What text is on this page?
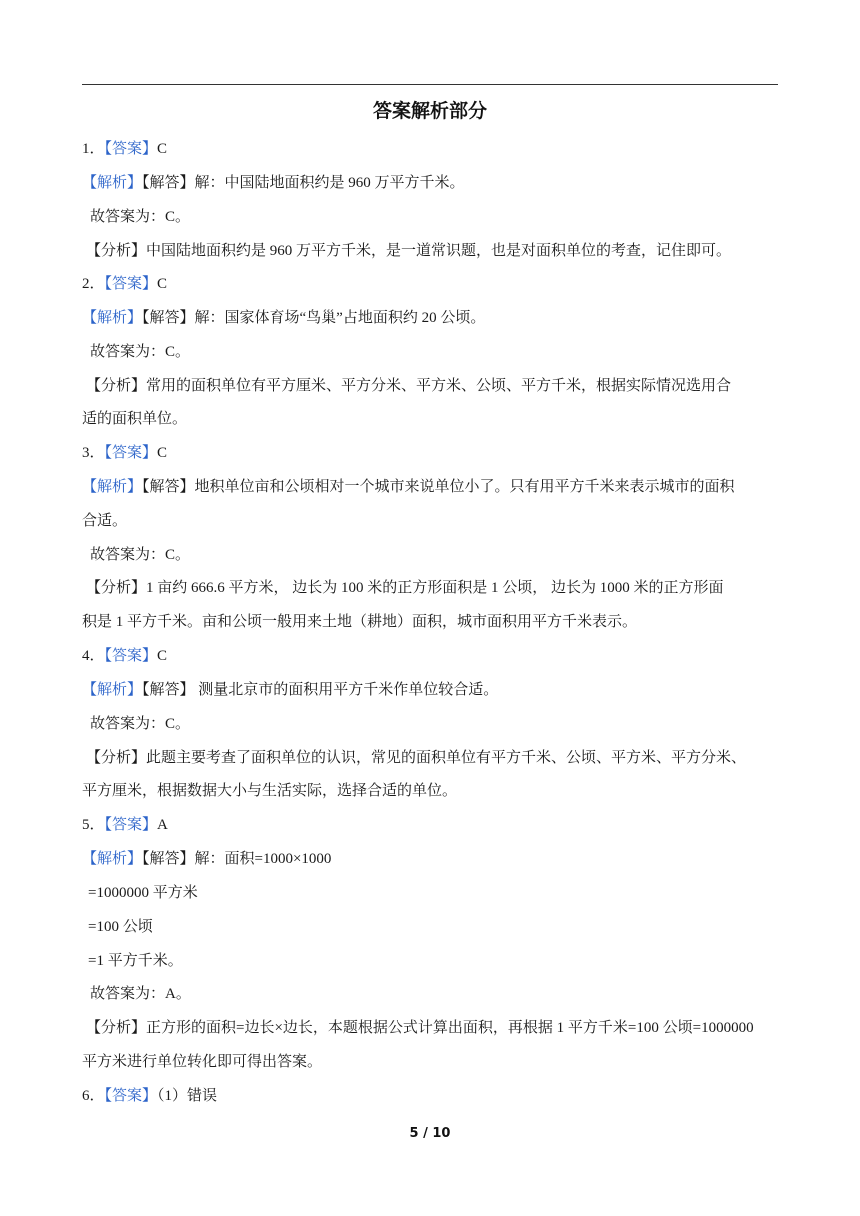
答案解析部分
1．【答案】C
【解析】【解答】解：中国陆地面积约是 960 万平方千米。
故答案为：C。
【分析】中国陆地面积约是 960 万平方千米，是一道常识题，也是对面积单位的考查，记住即可。
2．【答案】C
【解析】【解答】解：国家体育场“鸟巢”占地面积约 20 公顷。
故答案为：C。
【分析】常用的面积单位有平方厘米、平方分米、平方米、公顷、平方千米，根据实际情况选用合
适的面积单位。
3．【答案】C
【解析】【解答】地积单位亩和公顷相对一个城市来说单位小了。只有用平方千米来表示城市的面积
合适。
故答案为：C。
【分析】1 亩约 666.6 平方米， 边长为 100 米的正方形面积是 1 公顷， 边长为 1000 米的正方形面
积是 1 平方千米。亩和公顷一般用来土地（耕地）面积，城市面积用平方千米表示。
4．【答案】C
【解析】【解答】 测量北京市的面积用平方千米作单位较合适。
故答案为：C。
【分析】此题主要考查了面积单位的认识，常见的面积单位有平方千米、公顷、平方米、平方分米、
平方厘米，根据数据大小与生活实际，选择合适的单位。
5．【答案】A
【解析】【解答】解：面积=1000×1000
=1000000 平方米
=100 公顷
=1 平方千米。
故答案为：A。
【分析】正方形的面积=边长×边长，本题根据公式计算出面积，再根据 1 平方千米=100 公顷=1000000
平方米进行单位转化即可得出答案。
6．【答案】（1）错误
5 / 10
